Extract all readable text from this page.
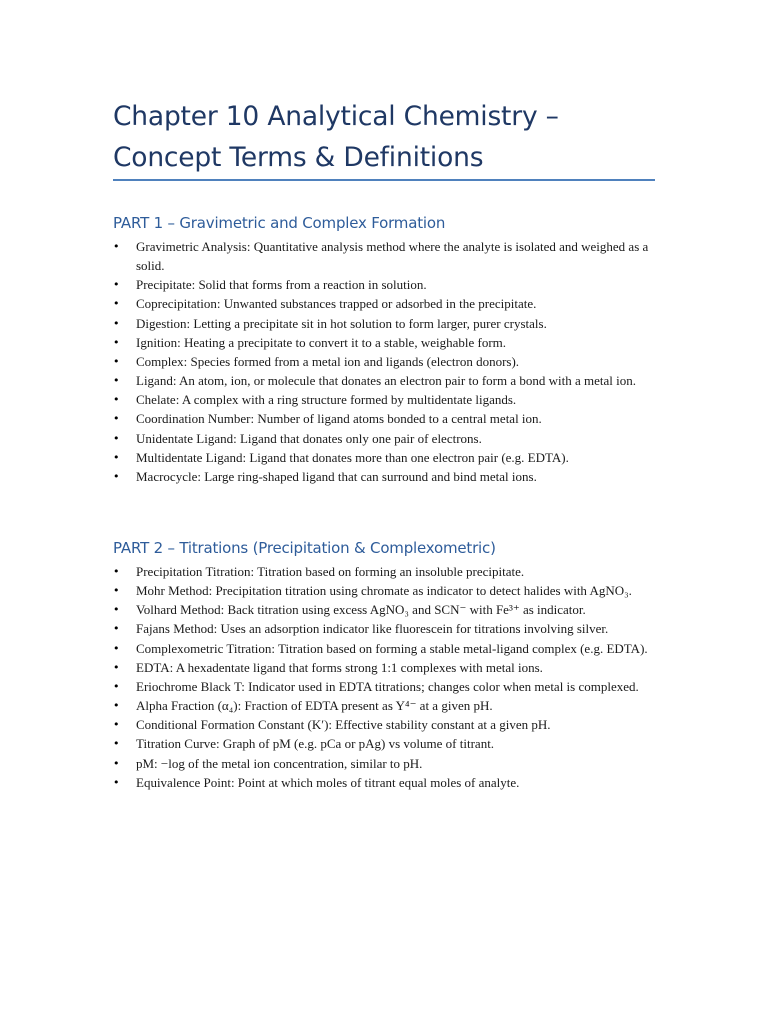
Chapter 10 Analytical Chemistry –
Concept Terms & Definitions
PART 1 – Gravimetric and Complex Formation
• Gravimetric Analysis: Quantitative analysis method where the analyte is isolated and weighed as a solid.
• Precipitate: Solid that forms from a reaction in solution.
• Coprecipitation: Unwanted substances trapped or adsorbed in the precipitate.
• Digestion: Letting a precipitate sit in hot solution to form larger, purer crystals.
• Ignition: Heating a precipitate to convert it to a stable, weighable form.
• Complex: Species formed from a metal ion and ligands (electron donors).
• Ligand: An atom, ion, or molecule that donates an electron pair to form a bond with a metal ion.
• Chelate: A complex with a ring structure formed by multidentate ligands.
• Coordination Number: Number of ligand atoms bonded to a central metal ion.
• Unidentate Ligand: Ligand that donates only one pair of electrons.
• Multidentate Ligand: Ligand that donates more than one electron pair (e.g. EDTA).
• Macrocycle: Large ring-shaped ligand that can surround and bind metal ions.
PART 2 – Titrations (Precipitation & Complexometric)
• Precipitation Titration: Titration based on forming an insoluble precipitate.
• Mohr Method: Precipitation titration using chromate as indicator to detect halides with AgNO₃.
• Volhard Method: Back titration using excess AgNO₃ and SCN⁻ with Fe³⁺ as indicator.
• Fajans Method: Uses an adsorption indicator like fluorescein for titrations involving silver.
• Complexometric Titration: Titration based on forming a stable metal-ligand complex (e.g. EDTA).
• EDTA: A hexadentate ligand that forms strong 1:1 complexes with metal ions.
• Eriochrome Black T: Indicator used in EDTA titrations; changes color when metal is complexed.
• Alpha Fraction (α₄): Fraction of EDTA present as Y⁴⁻ at a given pH.
• Conditional Formation Constant (K′): Effective stability constant at a given pH.
• Titration Curve: Graph of pM (e.g. pCa or pAg) vs volume of titrant.
• pM: −log of the metal ion concentration, similar to pH.
• Equivalence Point: Point at which moles of titrant equal moles of analyte.
